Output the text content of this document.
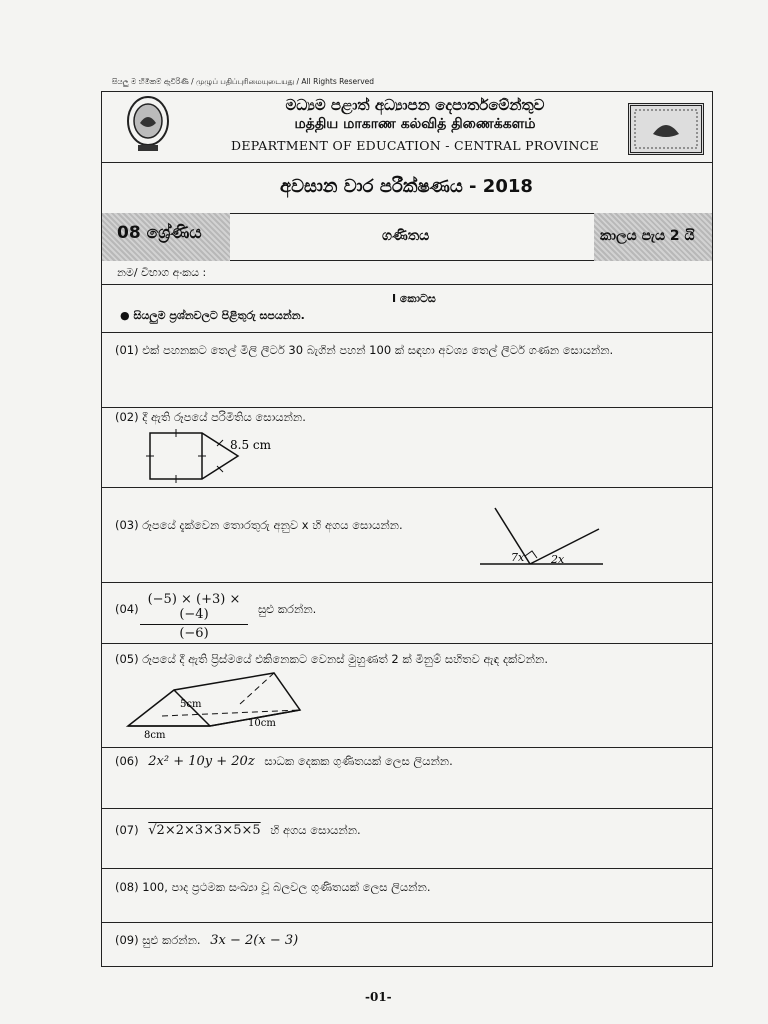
සියලු ම හිමිකම් ඇවිරිණි / முழுப் பதிப்புரிமையுடையது / All Rights Reserved
මධ්‍යම පළාත් අධ්‍යාපන දෙපාර්තමේන්තුව
மத்திய மாகாண கல்வித் திணைக்களம்
DEPARTMENT OF EDUCATION - CENTRAL PROVINCE
අවසාන වාර පරීක්ෂණය - 2018
08 ශ්‍රේණිය	ගණිතය	කාලය පැය 2 යි
නම/ විභාග අංකය :
I කොටස
● සියලුම ප්‍රශ්නවලට පිළිතුරු සපයන්න.
(01) එක් පහනකට තෙල් මිලි ලීටර් 30 බැගින් පහන් 100 ක් සඳහා අවශ්‍ය තෙල් ලීටර් ගණන සොයන්න.
(02) දී ඇති රූපයේ පරිමිතිය සොයන්න.
8.5 cm
(03) රූපයේ දැක්වෙන තොරතුරු අනුව x හි අගය සොයන්න.
7x 2x
$(04) \frac{(-5) \times (+3) \times (-4)}{(-6)}$ සුළු කරන්න.
(05) රූපයේ දී ඇති ප්‍රිස්මයේ එකිනෙකට වෙනස් මුහුණත් 2 ක් මිනුම් සහිතව ඇඳ දක්වන්න.
5cm
10cm
8cm
(06) 2x² + 10y + 20z සාධක දෙකක ගුණිතයක් ලෙස ලියන්න.
(07) √2×2×3×3×5×5 හි අගය සොයන්න.
(08) 100, පාද ප්‍රථමක සංඛ්‍යා වූ බලවල ගුණිතයක් ලෙස ලියන්න.
(09) සුළු කරන්න. 3x − 2(x − 3)
-01-
